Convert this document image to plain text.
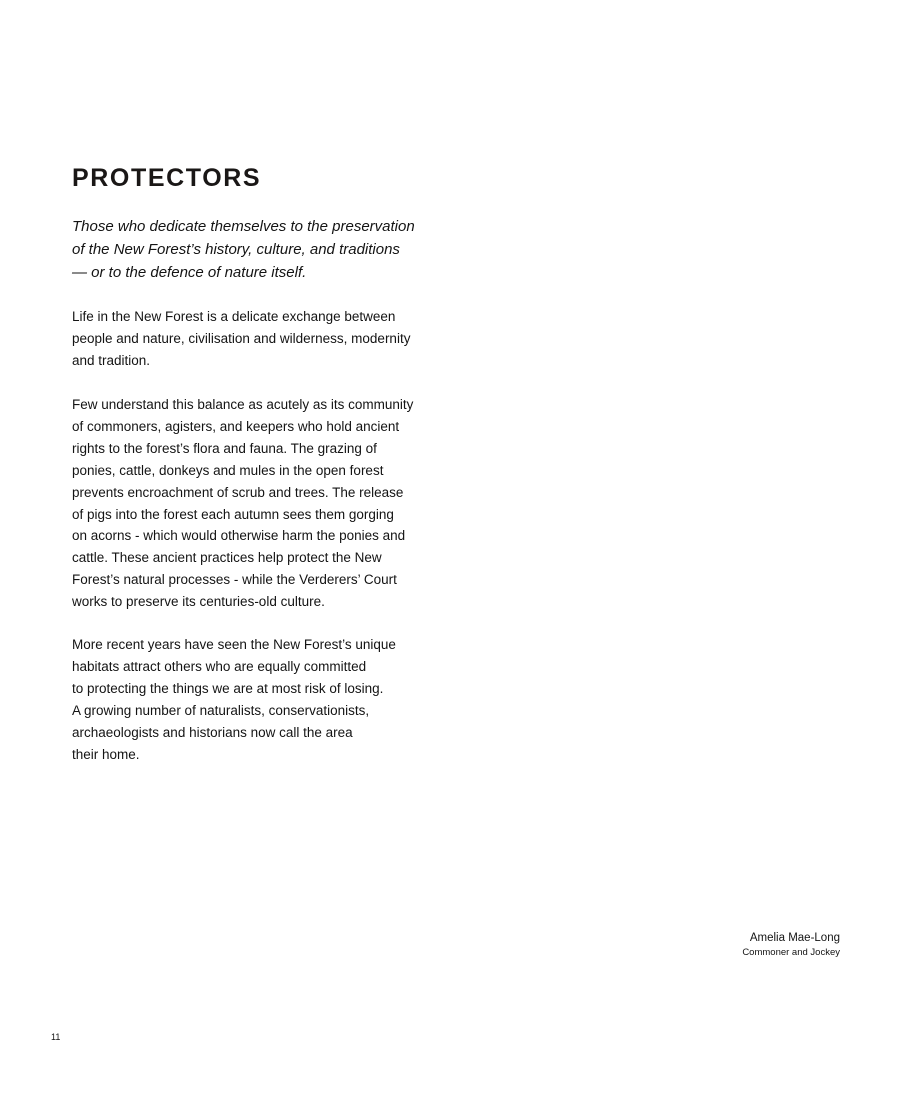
PROTECTORS

Those who dedicate themselves to the preservation
of the New Forest’s history, culture, and traditions
— or to the defence of nature itself.

Life in the New Forest is a delicate exchange between
people and nature, civilisation and wilderness, modernity
and tradition.

Few understand this balance as acutely as its community
of commoners, agisters, and keepers who hold ancient
rights to the forest’s flora and fauna. The grazing of
ponies, cattle, donkeys and mules in the open forest
prevents encroachment of scrub and trees. The release
of pigs into the forest each autumn sees them gorging
on acorns - which would otherwise harm the ponies and
cattle. These ancient practices help protect the New
Forest’s natural processes - while the Verderers’ Court
works to preserve its centuries-old culture.

More recent years have seen the New Forest’s unique
habitats attract others who are equally committed
to protecting the things we are at most risk of losing.
A growing number of naturalists, conservationists,
archaeologists and historians now call the area
their home.

Amelia Mae-Long
Commoner and Jockey
11
